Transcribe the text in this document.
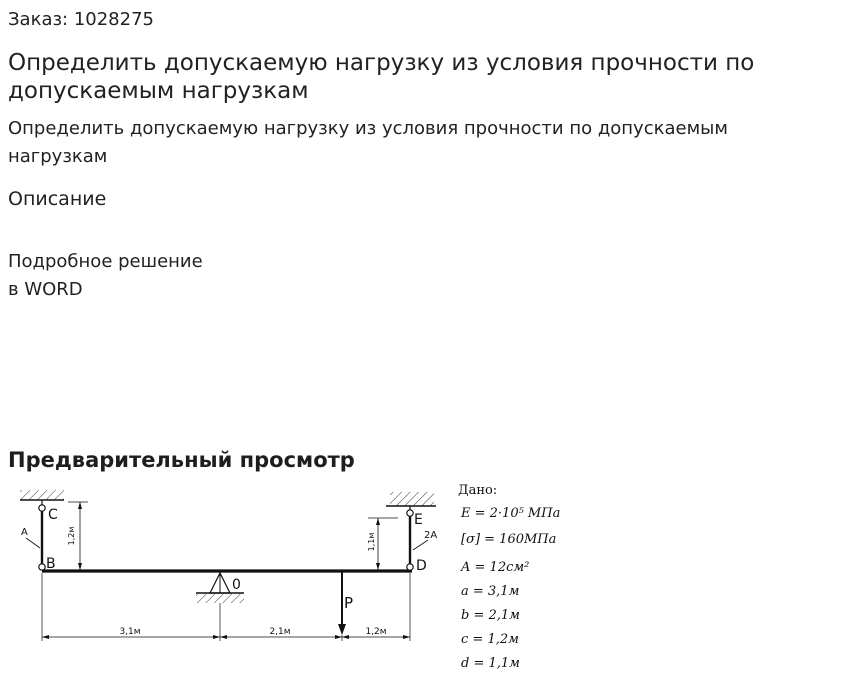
Заказ: 1028275
Определить допускаемую нагрузку из условия прочности по допускаемым нагрузкам

Определить допускаемую нагрузку из условия прочности по допускаемым нагрузкам

Описание
Подробное решение
в WORD
Предварительный просмотр
1,2м
C
A
B
0
P
1,1м
E
D
2A
3,1м	2,1м	1,2м
Дано:
E = 2·10⁵ МПа
[σ] = 160МПа
A = 12см²
a = 3,1м
b = 2,1м
c = 1,2м
d = 1,1м
